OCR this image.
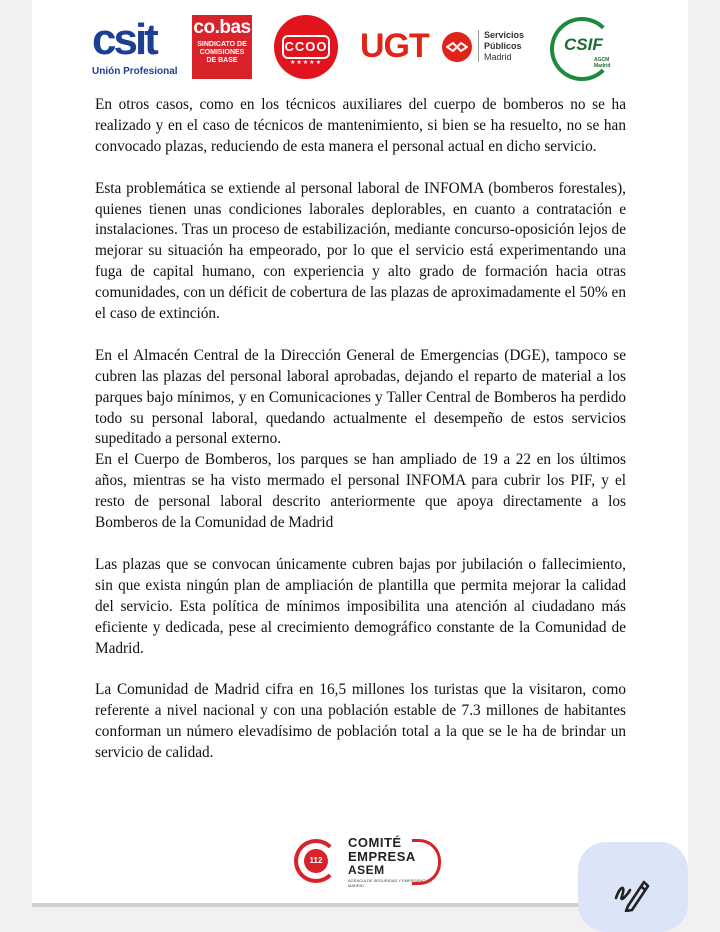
csit
Unión Profesional
co.bas
SINDICATO DE COMISIONES DE BASE
CCOO
★★★★★	UGT	Servicios
Públicos
Madrid
CSIF
AGCM
Madrid

En otros casos, como en los técnicos auxiliares del cuerpo de bomberos no se ha realizado y en el caso de técnicos de mantenimiento, si bien se ha resuelto, no se han convocado plazas, reduciendo de esta manera el personal actual en dicho servicio.

Esta problemática se extiende al personal laboral de INFOMA (bomberos forestales), quienes tienen unas condiciones laborales deplorables, en cuanto a contratación e instalaciones. Tras un proceso de estabilización, mediante concurso-oposición lejos de mejorar su situación ha empeorado, por lo que el servicio está experimentando una fuga de capital humano, con experiencia y alto grado de formación hacia otras comunidades, con un déficit de cobertura de las plazas de aproximadamente el 50% en el caso de extinción.

En el Almacén Central de la Dirección General de Emergencias (DGE), tampoco se cubren las plazas del personal laboral aprobadas, dejando el reparto de material a los parques bajo mínimos, y en Comunicaciones y Taller Central de Bomberos ha perdido todo su personal laboral, quedando actualmente el desempeño de estos servicios supeditado a personal externo.

En el Cuerpo de Bomberos, los parques se han ampliado de 19 a 22 en los últimos años, mientras se ha visto mermado el personal INFOMA para cubrir los PIF, y el resto de personal laboral descrito anteriormente que apoya directamente a los Bomberos de la Comunidad de Madrid

Las plazas que se convocan únicamente cubren bajas por jubilación o fallecimiento, sin que exista ningún plan de ampliación de plantilla que permita mejorar la calidad del servicio. Esta política de mínimos imposibilita una atención al ciudadano más eficiente y dedicada, pese al crecimiento demográfico constante de la Comunidad de Madrid.

La Comunidad de Madrid cifra en 16,5 millones los turistas que la visitaron, como referente a nivel nacional y con una población estable de 7.3 millones de habitantes conforman un número elevadísimo de población total a la que se le ha de brindar un servicio de calidad.

112
COMITÉ
EMPRESA
ASEM
AGENCIA DE SEGURIDAD Y EMERGENCIAS MADRID
